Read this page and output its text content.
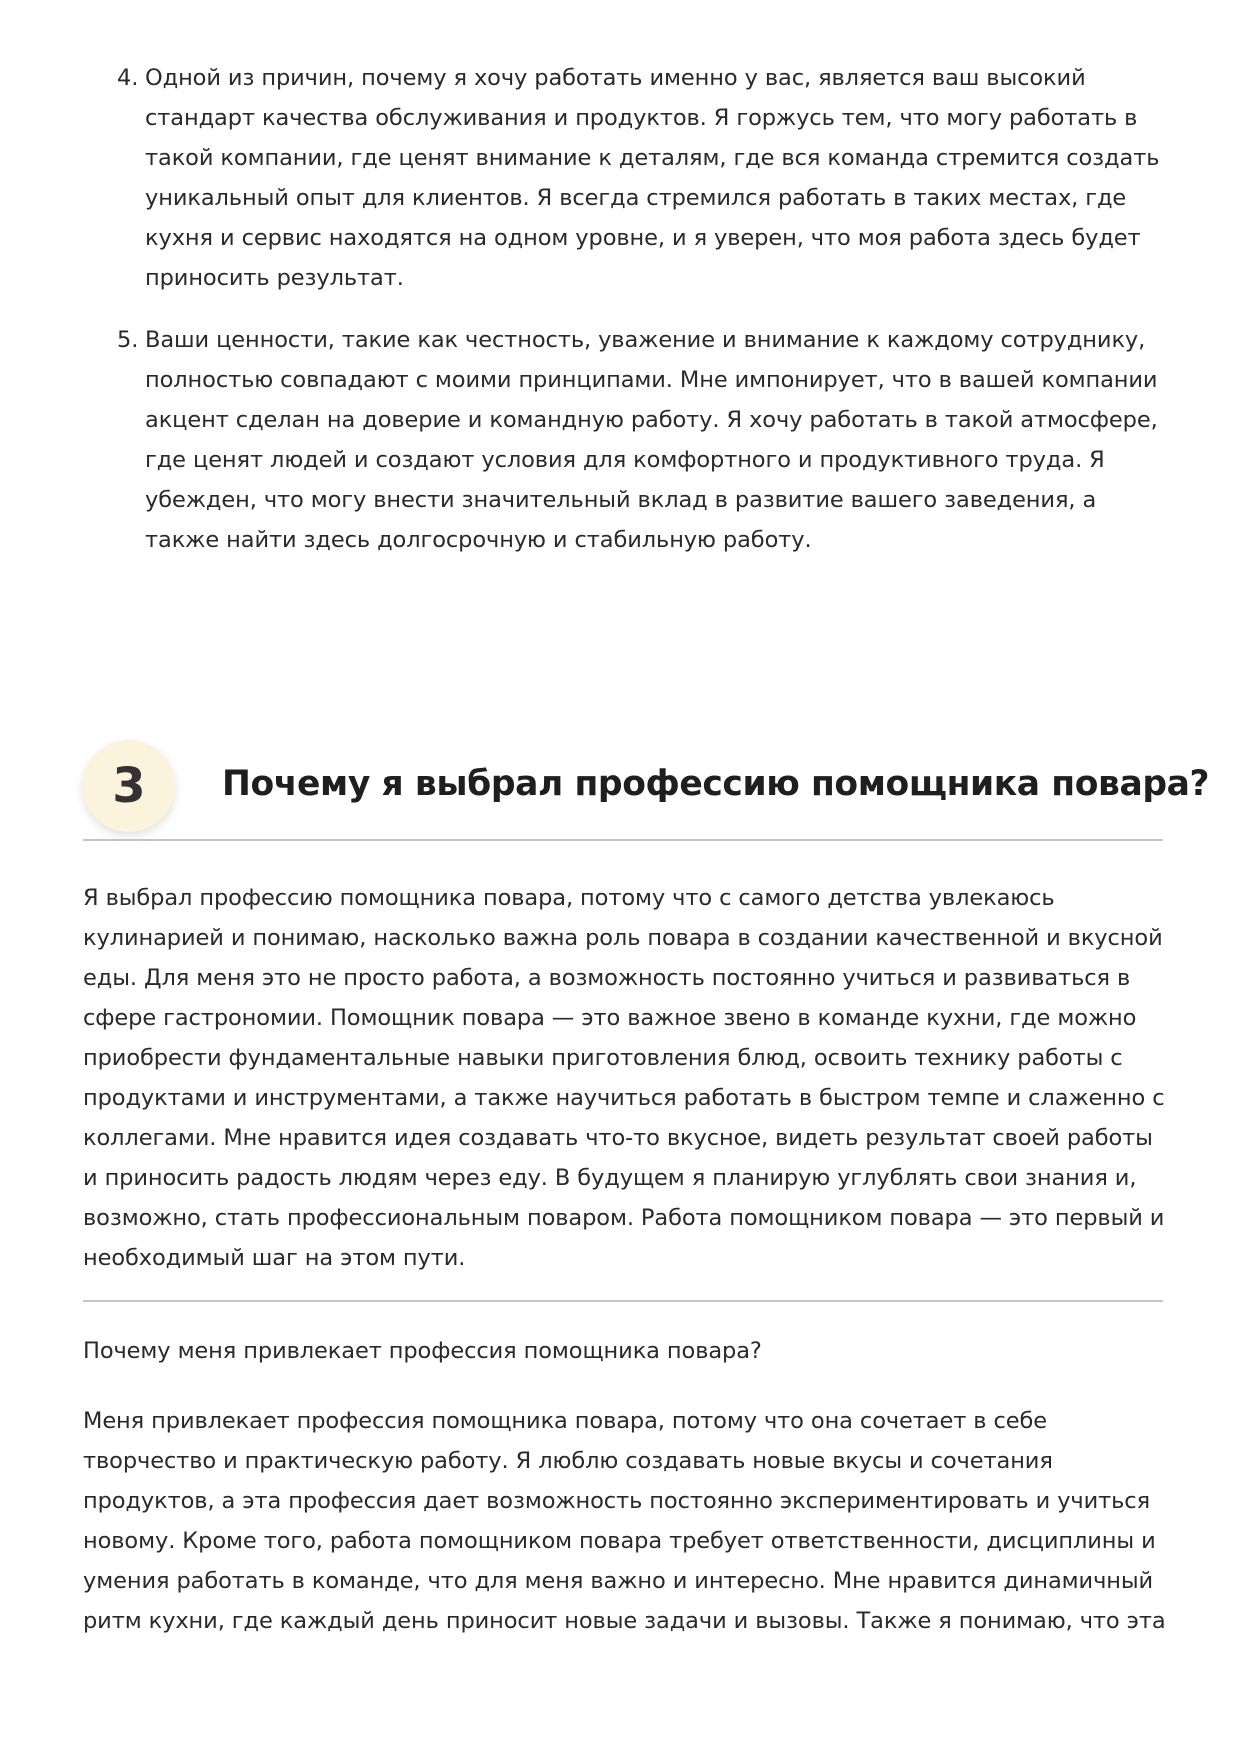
4. Одной из причин, почему я хочу работать именно у вас, является ваш высокий стандарт качества обслуживания и продуктов. Я горжусь тем, что могу работать в такой компании, где ценят внимание к деталям, где вся команда стремится создать уникальный опыт для клиентов. Я всегда стремился работать в таких местах, где кухня и сервис находятся на одном уровне, и я уверен, что моя работа здесь будет приносить результат.
5. Ваши ценности, такие как честность, уважение и внимание к каждому сотруднику, полностью совпадают с моими принципами. Мне импонирует, что в вашей компании акцент сделан на доверие и командную работу. Я хочу работать в такой атмосфере, где ценят людей и создают условия для комфортного и продуктивного труда. Я убежден, что могу внести значительный вклад в развитие вашего заведения, а также найти здесь долгосрочную и стабильную работу.
3	Почему я выбрал профессию помощника повара?

Я выбрал профессию помощника повара, потому что с самого детства увлекаюсь кулинарией и понимаю, насколько важна роль повара в создании качественной и вкусной еды. Для меня это не просто работа, а возможность постоянно учиться и развиваться в сфере гастрономии. Помощник повара — это важное звено в команде кухни, где можно приобрести фундаментальные навыки приготовления блюд, освоить технику работы с продуктами и инструментами, а также научиться работать в быстром темпе и слаженно с коллегами. Мне нравится идея создавать что-то вкусное, видеть результат своей работы и приносить радость людям через еду. В будущем я планирую углублять свои знания и, возможно, стать профессиональным поваром. Работа помощником повара — это первый и необходимый шаг на этом пути.

Почему меня привлекает профессия помощника повара?

Меня привлекает профессия помощника повара, потому что она сочетает в себе творчество и практическую работу. Я люблю создавать новые вкусы и сочетания продуктов, а эта профессия дает возможность постоянно экспериментировать и учиться новому. Кроме того, работа помощником повара требует ответственности, дисциплины и умения работать в команде, что для меня важно и интересно. Мне нравится динамичный ритм кухни, где каждый день приносит новые задачи и вызовы. Также я понимаю, что эта
